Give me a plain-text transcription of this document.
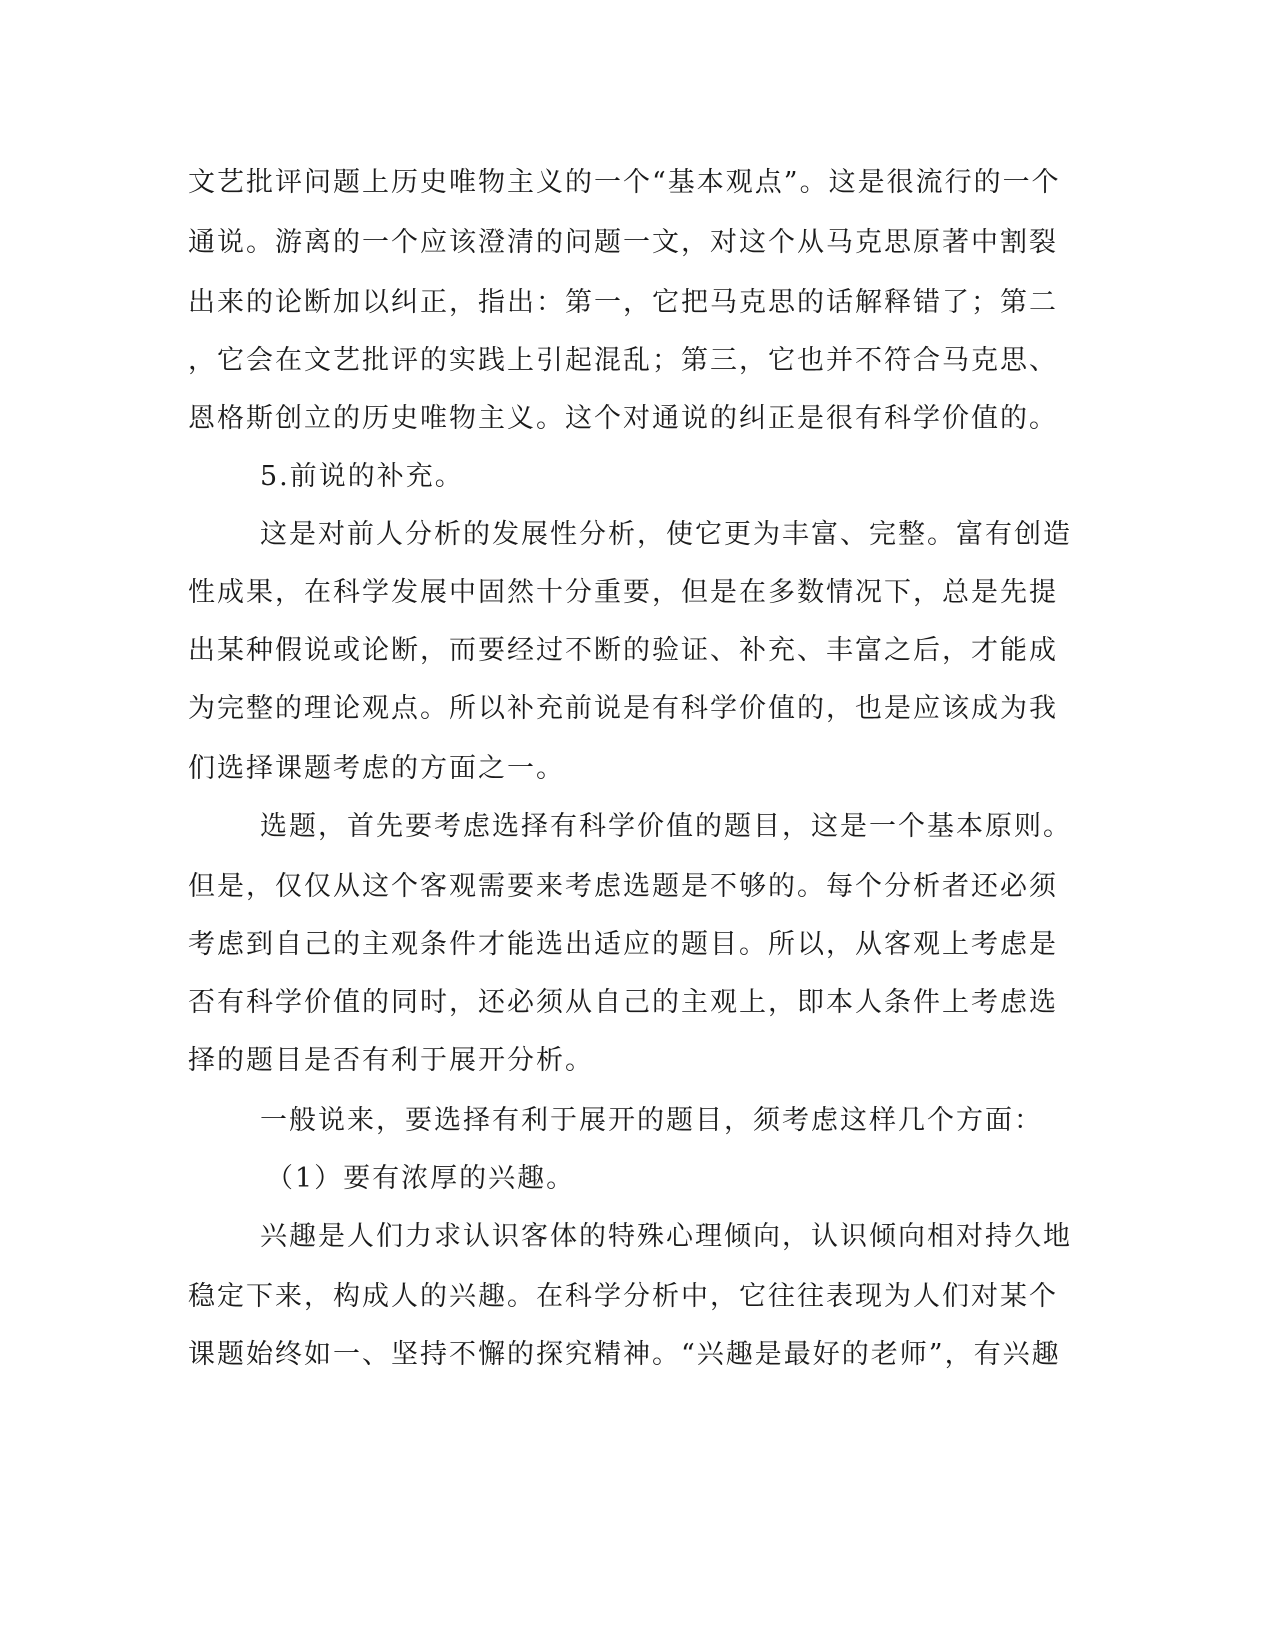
文艺批评问题上历史唯物主义的一个“基本观点”。这是很流行的一个
通说。游离的一个应该澄清的问题一文，对这个从马克思原著中割裂
出来的论断加以纠正，指出：第一，它把马克思的话解释错了；第二
，它会在文艺批评的实践上引起混乱；第三，它也并不符合马克思、
恩格斯创立的历史唯物主义。这个对通说的纠正是很有科学价值的。
5.前说的补充。
这是对前人分析的发展性分析，使它更为丰富、完整。富有创造
性成果，在科学发展中固然十分重要，但是在多数情况下，总是先提
出某种假说或论断，而要经过不断的验证、补充、丰富之后，才能成
为完整的理论观点。所以补充前说是有科学价值的，也是应该成为我
们选择课题考虑的方面之一。
选题，首先要考虑选择有科学价值的题目，这是一个基本原则。
但是，仅仅从这个客观需要来考虑选题是不够的。每个分析者还必须
考虑到自己的主观条件才能选出适应的题目。所以，从客观上考虑是
否有科学价值的同时，还必须从自己的主观上，即本人条件上考虑选
择的题目是否有利于展开分析。
一般说来，要选择有利于展开的题目，须考虑这样几个方面：
（1）要有浓厚的兴趣。
兴趣是人们力求认识客体的特殊心理倾向，认识倾向相对持久地
稳定下来，构成人的兴趣。在科学分析中，它往往表现为人们对某个
课题始终如一、坚持不懈的探究精神。“兴趣是最好的老师”，有兴趣
